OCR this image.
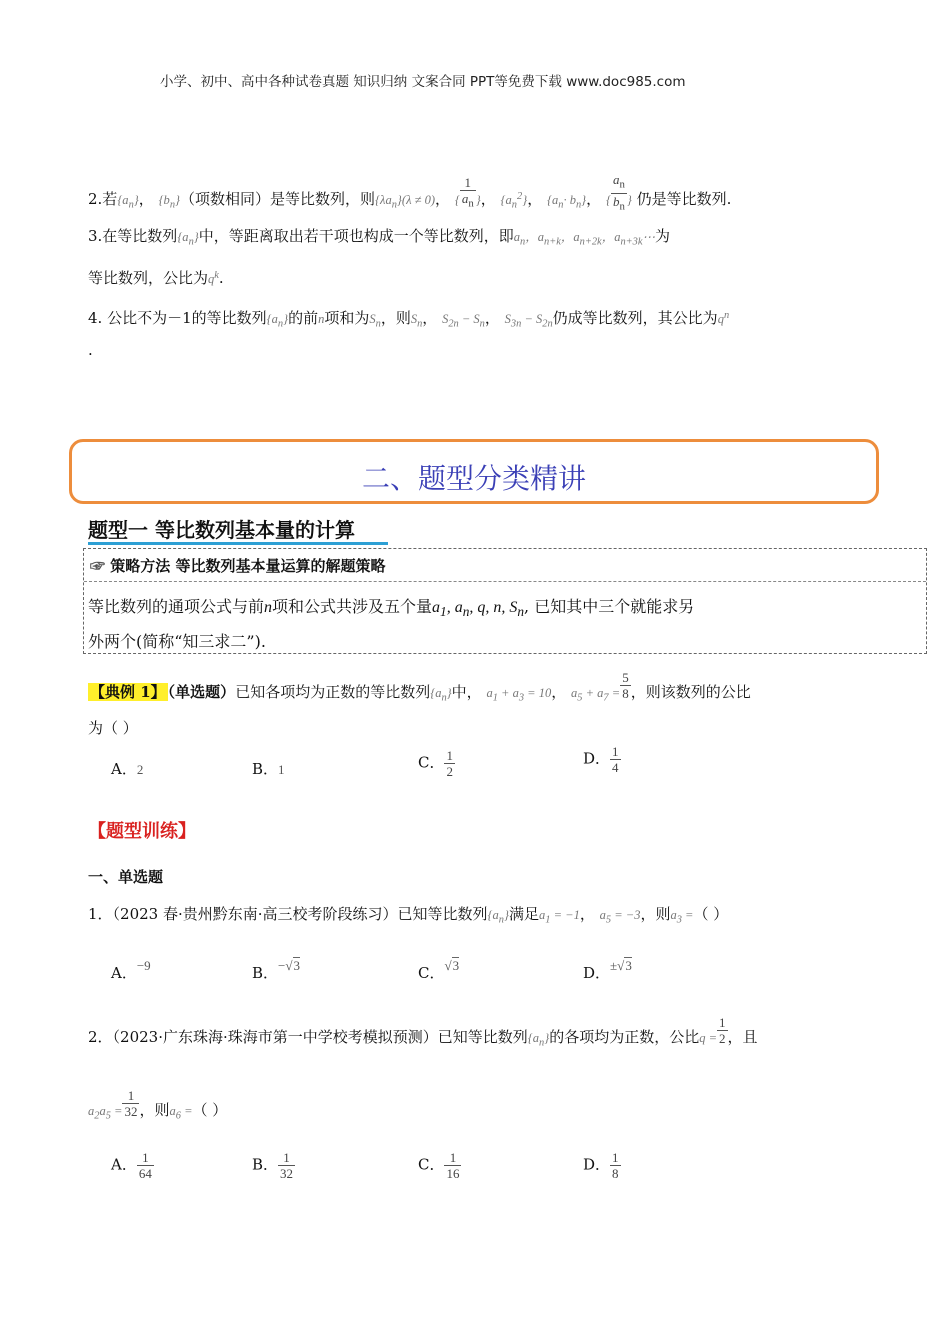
小学、初中、高中各种试卷真题 知识归纳 文案合同 PPT等免费下载 www.doc985.com
2.若$\{a_n\}$， $\{b_n\}$（项数相同）是等比数列，则$\{\lambda a_n\}(\lambda \ne 0)$， { $\frac{1}{a_n}$ }， $\{a_n^2\}$， $\{a_n\cdot b_n\}$， { $\frac{a_n}{b_n}$ } 仍是等比数列.
3.在等比数列$\{a_n\}$中，等距离取出若干项也构成一个等比数列，即$a_n$，$a_{n+k}$，$a_{n+2k}$，$a_{n+3k}\cdots$为
等比数列，公比为$q^k$.
4. 公比不为－1的等比数列$\{a_n\}$的前n项和为$S_n$，则$S_n$， $S_{2n} - S_n$， $S_{3n} - S_{2n}$仍成等比数列，其公比为$q^n$
.
二、题型分类精讲
题型一 等比数列基本量的计算
☞ 策略方法 等比数列基本量运算的解题策略
等比数列的通项公式与前n项和公式共涉及五个量$a_1$, $a_n$, q, n, $S_n$, 已知其中三个就能求另
外两个(简称“知三求二”).
【典例 1】 （单选题）已知各项均为正数的等比数列$\{a_n\}$中， $a_1 + a_3 = 10$， $a_5 + a_7 = \frac{5}{8}$ ，则该数列的公比
为（ ）
A．2	B．1	C． $\frac{1}{2}$	D． $\frac{1}{4}$
【题型训练】
一、单选题
1．（2023 春·贵州黔东南·高三校考阶段练习）已知等比数列$\{a_n\}$满足$a_1 = -1$， $a_5 = -3$，则$a_3$ =（ ）
A．−9	B．−√3	C．√3	D．±√3
2．（2023·广东珠海·珠海市第一中学校考模拟预测）已知等比数列$\{a_n\}$的各项均为正数，公比$q = \frac{1}{2}$ ，且
$a_2a_5 = \frac{1}{32}$ ，则$a_6$ =（ ）
A． $\frac{1}{64}$	B． $\frac{1}{32}$	C． $\frac{1}{16}$	D． $\frac{1}{8}$
